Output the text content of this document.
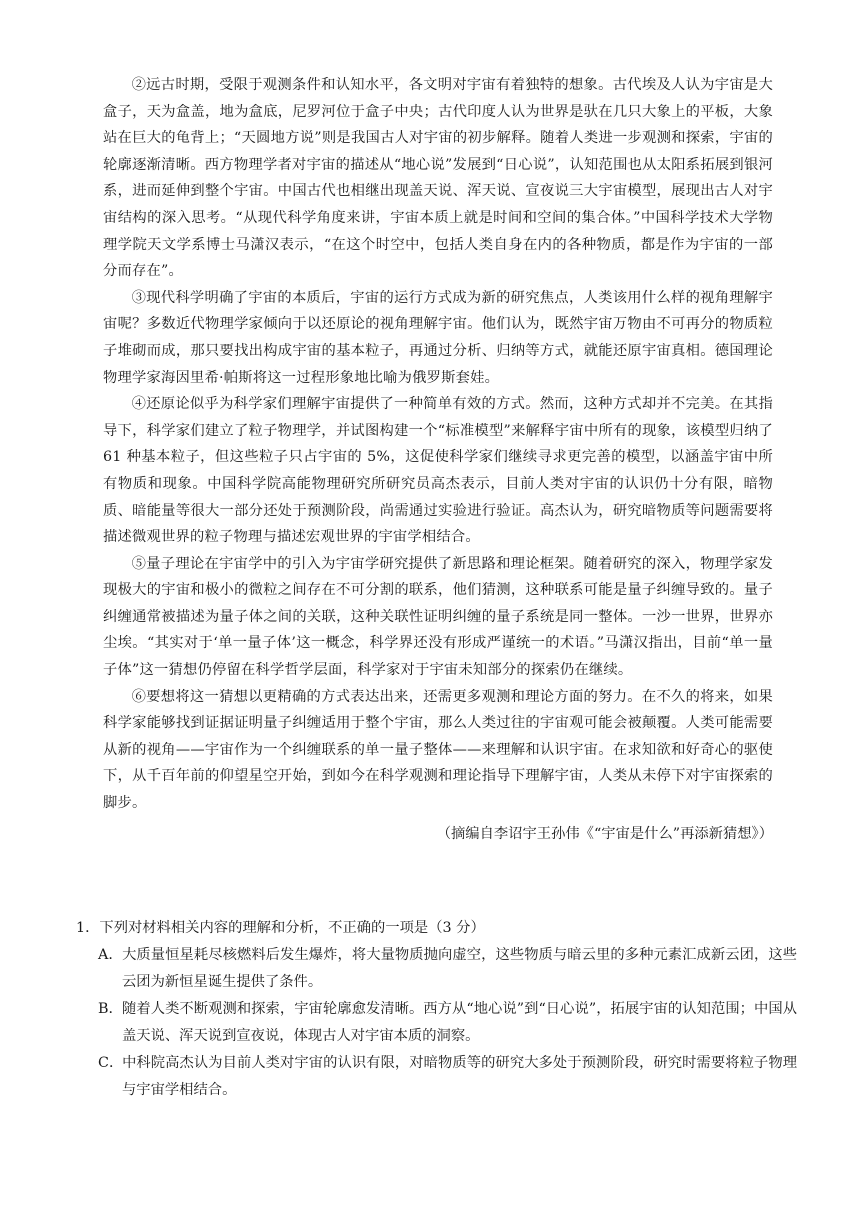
②远古时期，受限于观测条件和认知水平，各文明对宇宙有着独特的想象。古代埃及人认为宇宙是大盒子，天为盒盖，地为盒底，尼罗河位于盒子中央；古代印度人认为世界是驮在几只大象上的平板，大象站在巨大的龟背上；“天圆地方说”则是我国古人对宇宙的初步解释。随着人类进一步观测和探索，宇宙的轮廓逐渐清晰。西方物理学者对宇宙的描述从“地心说”发展到“日心说”，认知范围也从太阳系拓展到银河系，进而延伸到整个宇宙。中国古代也相继出现盖天说、浑天说、宣夜说三大宇宙模型，展现出古人对宇宙结构的深入思考。“从现代科学角度来讲，宇宙本质上就是时间和空间的集合体。”中国科学技术大学物理学院天文学系博士马潇汉表示，“在这个时空中，包括人类自身在内的各种物质，都是作为宇宙的一部分而存在”。

③现代科学明确了宇宙的本质后，宇宙的运行方式成为新的研究焦点，人类该用什么样的视角理解宇宙呢？多数近代物理学家倾向于以还原论的视角理解宇宙。他们认为，既然宇宙万物由不可再分的物质粒子堆砌而成，那只要找出构成宇宙的基本粒子，再通过分析、归纳等方式，就能还原宇宙真相。德国理论物理学家海因里希·帕斯将这一过程形象地比喻为俄罗斯套娃。

④还原论似乎为科学家们理解宇宙提供了一种简单有效的方式。然而，这种方式却并不完美。在其指导下，科学家们建立了粒子物理学，并试图构建一个“标准模型”来解释宇宙中所有的现象，该模型归纳了 61 种基本粒子，但这些粒子只占宇宙的 5%，这促使科学家们继续寻求更完善的模型，以涵盖宇宙中所有物质和现象。中国科学院高能物理研究所研究员高杰表示，目前人类对宇宙的认识仍十分有限，暗物质、暗能量等很大一部分还处于预测阶段，尚需通过实验进行验证。高杰认为，研究暗物质等问题需要将描述微观世界的粒子物理与描述宏观世界的宇宙学相结合。

⑤量子理论在宇宙学中的引入为宇宙学研究提供了新思路和理论框架。随着研究的深入，物理学家发现极大的宇宙和极小的微粒之间存在不可分割的联系，他们猜测，这种联系可能是量子纠缠导致的。量子纠缠通常被描述为量子体之间的关联，这种关联性证明纠缠的量子系统是同一整体。一沙一世界，世界亦尘埃。“其实对于‘单一量子体’这一概念，科学界还没有形成严谨统一的术语。”马潇汉指出，目前“单一量子体”这一猜想仍停留在科学哲学层面，科学家对于宇宙未知部分的探索仍在继续。

⑥要想将这一猜想以更精确的方式表达出来，还需更多观测和理论方面的努力。在不久的将来，如果科学家能够找到证据证明量子纠缠适用于整个宇宙，那么人类过往的宇宙观可能会被颠覆。人类可能需要从新的视角——宇宙作为一个纠缠联系的单一量子整体——来理解和认识宇宙。在求知欲和好奇心的驱使下，从千百年前的仰望星空开始，到如今在科学观测和理论指导下理解宇宙，人类从未停下对宇宙探索的脚步。

（摘编自李诏宇王孙伟《“宇宙是什么”再添新猜想》）

1．下列对材料相关内容的理解和分析，不正确的一项是（3 分）

A．大质量恒星耗尽核燃料后发生爆炸，将大量物质抛向虚空，这些物质与暗云里的多种元素汇成新云团，这些云团为新恒星诞生提供了条件。

B．随着人类不断观测和探索，宇宙轮廓愈发清晰。西方从“地心说”到“日心说”，拓展宇宙的认知范围；中国从盖天说、浑天说到宣夜说，体现古人对宇宙本质的洞察。

C．中科院高杰认为目前人类对宇宙的认识有限，对暗物质等的研究大多处于预测阶段，研究时需要将粒子物理与宇宙学相结合。
